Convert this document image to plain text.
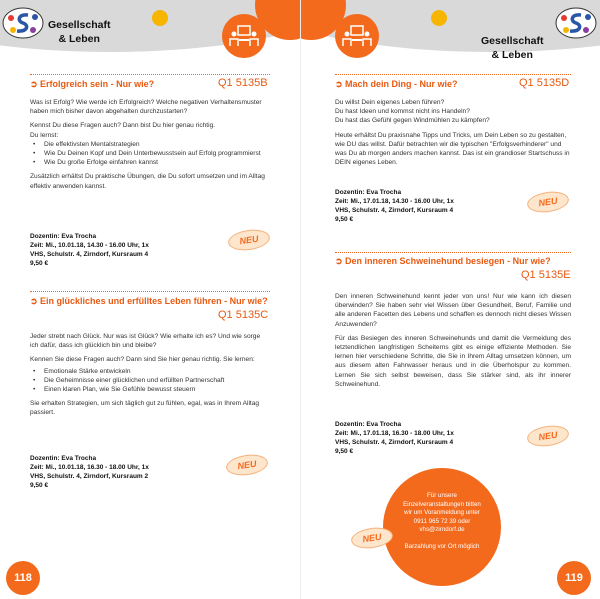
Gesellschaft
& Leben
➲ Erfolgreich sein - Nur wie?	Q1 5135B

Was ist Erfolg? Wie werde ich Erfolgreich? Welche negativen Verhaltensmuster haben mich bisher davon abgehalten durchzustarten?

Kennst Du diese Fragen auch? Dann bist Du hier genau richtig.

Du lernst:

• Die effektivsten Mentalstrategien
• Wie Du Deinen Kopf und Dein Unterbewusstsein auf Erfolg programmierst
• Wie Du große Erfolge einfahren kannst

Zusätzlich erhältst Du praktische Übungen, die Du sofort umsetzen und im Alltag effektiv anwenden kannst.

Dozentin: Eva Trocha
Zeit: Mi., 10.01.18, 14.30 - 16.00 Uhr, 1x
VHS, Schulstr. 4, Zirndorf, Kursraum 4
9,50 €
NEU
➲ Ein glückliches und erfülltes Leben führen - Nur wie?
Q1 5135C

Jeder strebt nach Glück. Nur was ist Glück? Wie erhalte ich es? Und wie sorge ich dafür, dass ich glücklich bin und bleibe?

Kennen Sie diese Fragen auch? Dann sind Sie hier genau richtig. Sie lernen:

• Emotionale Stärke entwickeln
• Die Geheimnisse einer glücklichen und erfüllten Partnerschaft
• Einen klaren Plan, wie Sie Gefühle bewusst steuern

Sie erhalten Strategien, um sich täglich gut zu fühlen, egal, was in Ihrem Alltag passiert.

Dozentin: Eva Trocha
Zeit: Mi., 10.01.18, 16.30 - 18.00 Uhr, 1x
VHS, Schulstr. 4, Zirndorf, Kursraum 2
9,50 €
NEU
118
Gesellschaft
& Leben
➲ Mach dein Ding - Nur wie?	Q1 5135D

Du willst Dein eigenes Leben führen?

Du hast Ideen und kommst nicht ins Handeln?

Du hast das Gefühl gegen Windmühlen zu kämpfen?

Heute erhältst Du praxisnahe Tipps und Tricks, um Dein Leben so zu gestalten, wie DU das willst. Dafür betrachten wir die typischen "Erfolgsverhinderer" und was Du ab morgen anders machen kannst. Das ist ein grandioser Startschuss in DEIN eigenes Leben.

Dozentin: Eva Trocha
Zeit: Mi., 17.01.18, 14.30 - 16.00 Uhr, 1x
VHS, Schulstr. 4, Zirndorf, Kursraum 4
9,50 €
NEU
➲ Den inneren Schweinehund besiegen - Nur wie?
Q1 5135E

Den inneren Schweinehund kennt jeder von uns! Nur wie kann ich diesen überwinden? Sie haben sehr viel Wissen über Gesundheit, Beruf, Familie und alle anderen Facetten des Lebens und schaffen es dennoch nicht dieses Wissen Anzuwenden?

Für das Besiegen des inneren Schweinehunds und damit die Vermeidung des letztendlichen langfristigen Scheiterns gibt es einige effiziente Methoden. Sie lernen hier verschiedene Schritte, die Sie in Ihrem Alltag umsetzen können, um aus diesem alten Fahrwasser heraus und in die Überholspur zu kommen. Lernen Sie sich selbst beweisen, dass Sie stärker sind, als ihr innerer Schweinehund.

Dozentin: Eva Trocha
Zeit: Mi., 17.01.18, 16.30 - 18.00 Uhr, 1x
VHS, Schulstr. 4, Zirndorf, Kursraum 4
9,50 €
NEU
Für unsere
Einzelveranstaltungen bitten
wir um Voranmeldung unter
0911 965 72 39 oder
vhs@zirndorf.de
Barzahlung vor Ort möglich
NEU
119
